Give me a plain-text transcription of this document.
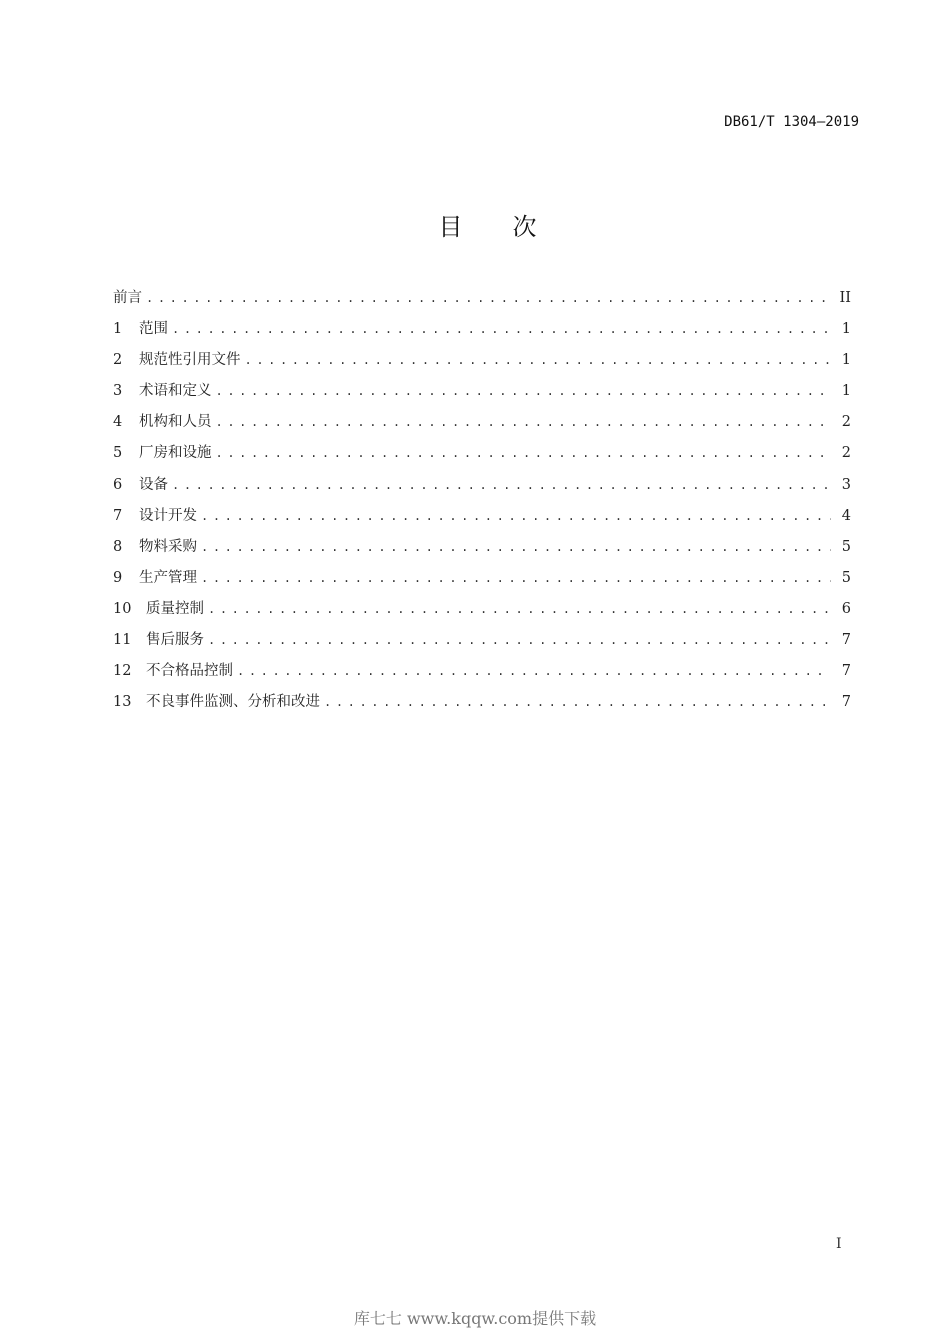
DB61/T 1304—2019
目 次
前言 .....	II
1	范围 .....	1
2	规范性引用文件 .....	1
3	术语和定义 .....	1
4	机构和人员 .....	2
5	厂房和设施 .....	2
6	设备 .....	3
7	设计开发 .....	4
8	物料采购 .....	5
9	生产管理 .....	5
10	质量控制 .....	6
11	售后服务 .....	7
12	不合格品控制 .....	7
13	不良事件监测、分析和改进 .....	7
I
库七七 www.kqqw.com提供下载
